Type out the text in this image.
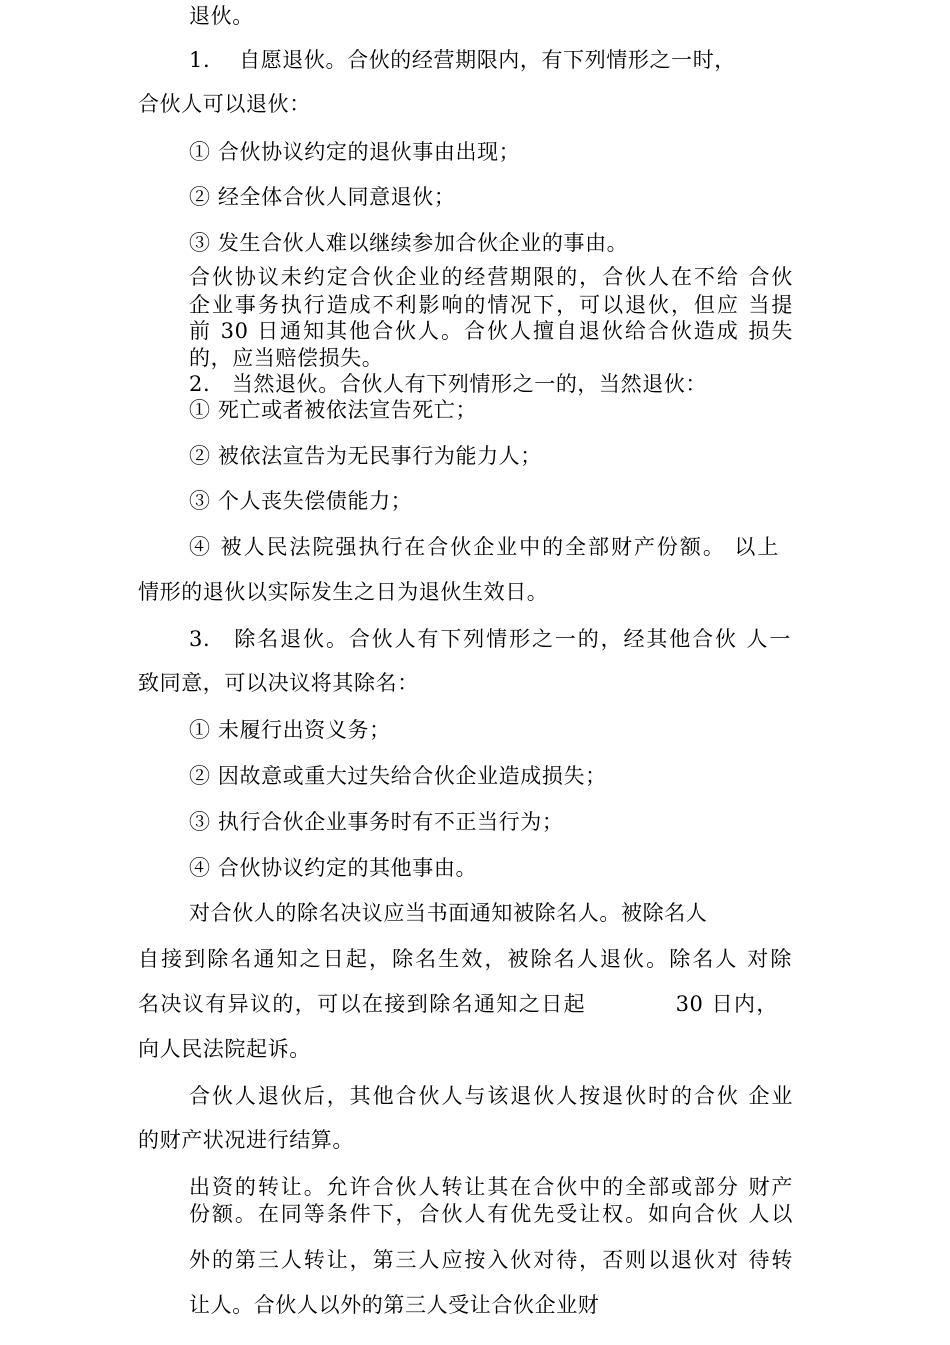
退伙。
1.　 自愿退伙。合伙的经营期限内，有下列情形之一时，
合伙人可以退伙：
① 合伙协议约定的退伙事由出现；
② 经全体合伙人同意退伙；
③ 发生合伙人难以继续参加合伙企业的事由。
合伙协议未约定合伙企业的经营期限的，合伙人在不给 合伙
企业事务执行造成不利影响的情况下，可以退伙，但应 当提
前 30 日通知其他合伙人。合伙人擅自退伙给合伙造成 损失
的，应当赔偿损失。
2.　当然退伙。合伙人有下列情形之一的，当然退伙：
① 死亡或者被依法宣告死亡；
② 被依法宣告为无民事行为能力人；
③ 个人丧失偿债能力；
④ 被人民法院强执行在合伙企业中的全部财产份额。 以上
情形的退伙以实际发生之日为退伙生效日。
3.　除名退伙。合伙人有下列情形之一的，经其他合伙 人一
致同意，可以决议将其除名：
① 未履行出资义务；
② 因故意或重大过失给合伙企业造成损失；
③ 执行合伙企业事务时有不正当行为；
④ 合伙协议约定的其他事由。
对合伙人的除名决议应当书面通知被除名人。被除名人
自接到除名通知之日起，除名生效，被除名人退伙。除名人 对除
名决议有异议的，可以在接到除名通知之日起　　　　30 日内，
向人民法院起诉。
合伙人退伙后，其他合伙人与该退伙人按退伙时的合伙 企业
的财产状况进行结算。
出资的转让。允许合伙人转让其在合伙中的全部或部分 财产
份额。在同等条件下，合伙人有优先受让权。如向合伙 人以
外的第三人转让，第三人应按入伙对待，否则以退伙对 待转
让人。合伙人以外的第三人受让合伙企业财
